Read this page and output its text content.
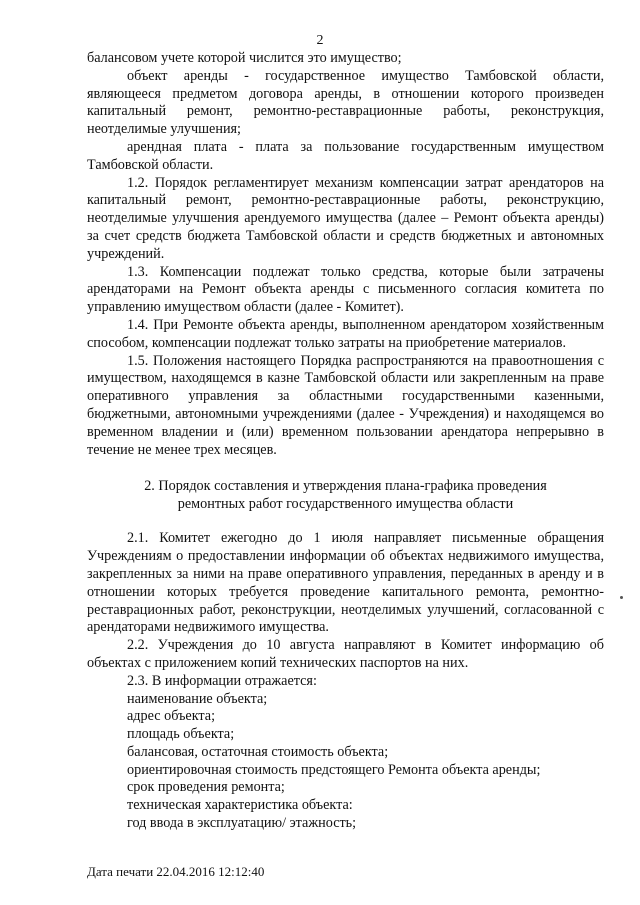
2

балансовом учете которой числится это имущество;

объект аренды - государственное имущество Тамбовской области, являющееся предметом договора аренды, в отношении которого произведен капитальный ремонт, ремонтно-реставрационные работы, реконструкция, неотделимые улучшения;

арендная плата - плата за пользование государственным имуществом Тамбовской области.

1.2. Порядок регламентирует механизм компенсации затрат арендаторов на капитальный ремонт, ремонтно-реставрационные работы, реконструкцию, неотделимые улучшения арендуемого имущества (далее – Ремонт объекта аренды) за счет средств бюджета Тамбовской области и средств бюджетных и автономных учреждений.

1.3. Компенсации подлежат только средства, которые были затрачены арендаторами на Ремонт объекта аренды с письменного согласия комитета по управлению имуществом области (далее - Комитет).

1.4. При Ремонте объекта аренды, выполненном арендатором хозяйственным способом, компенсации подлежат только затраты на приобретение материалов.

1.5. Положения настоящего Порядка распространяются на правоотношения с имуществом, находящемся в казне Тамбовской области или закрепленным на праве оперативного управления за областными государственными казенными, бюджетными, автономными учреждениями (далее - Учреждения) и находящемся во временном владении и (или) временном пользовании арендатора непрерывно в течение не менее трех месяцев.

2. Порядок составления и утверждения плана-графика проведения
ремонтных работ государственного имущества области

2.1. Комитет ежегодно до 1 июля направляет письменные обращения Учреждениям о предоставлении информации об объектах недвижимого имущества, закрепленных за ними на праве оперативного управления, переданных в аренду и в отношении которых требуется проведение капитального ремонта, ремонтно-реставрационных работ, реконструкции, неотделимых улучшений, согласованной с арендаторами недвижимого имущества.

2.2. Учреждения до 10 августа направляют в Комитет информацию об объектах с приложением копий технических паспортов на них.

2.3. В информации отражается:

наименование объекта;

адрес объекта;

площадь объекта;

балансовая, остаточная стоимость объекта;

ориентировочная стоимость предстоящего Ремонта объекта аренды;

срок проведения ремонта;

техническая характеристика объекта:

год ввода в эксплуатацию/ этажность;

Дата печати 22.04.2016 12:12:40
